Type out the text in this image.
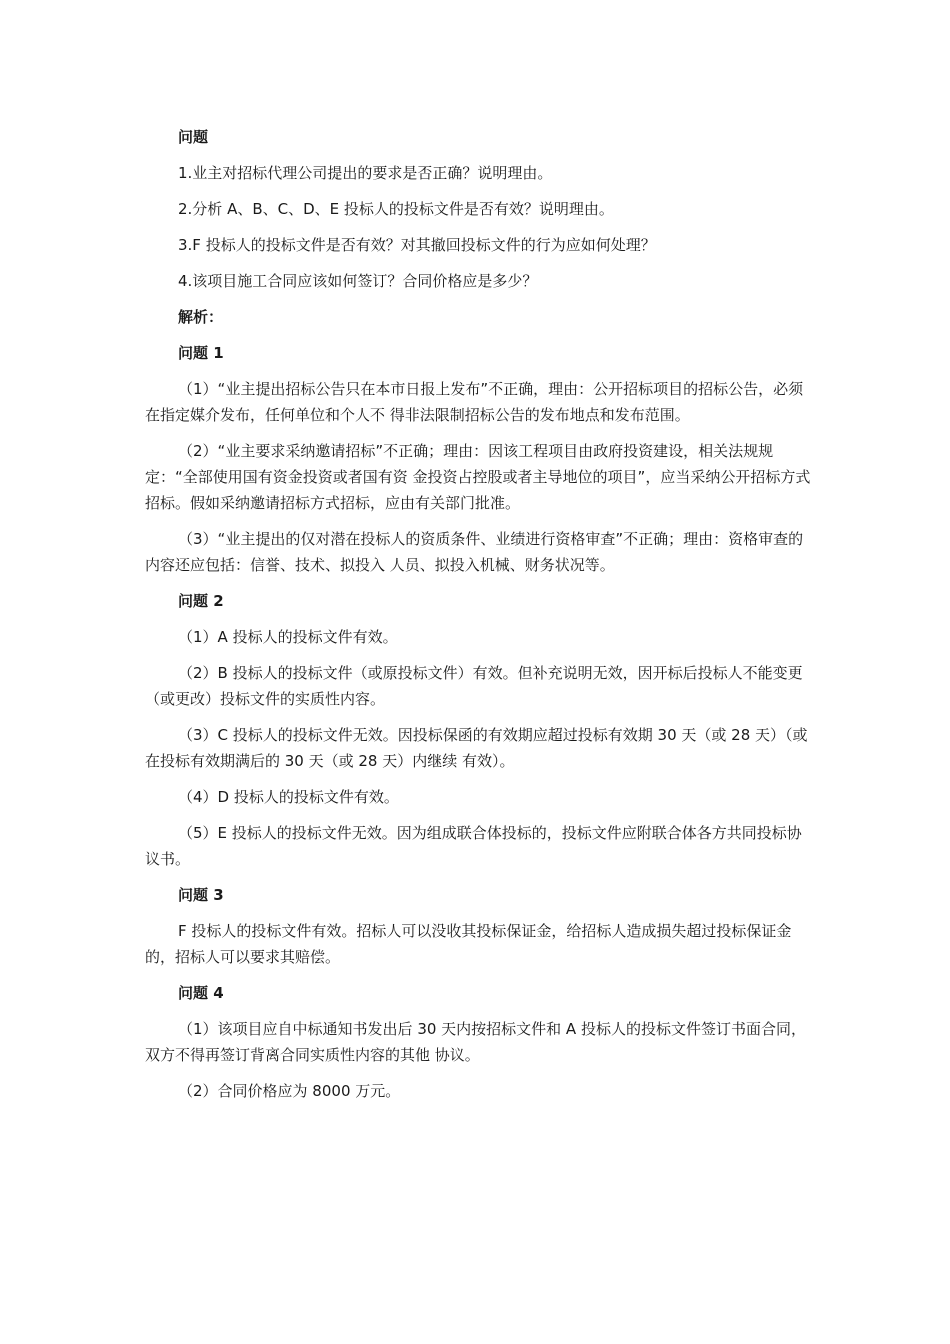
问题

1.业主对招标代理公司提出的要求是否正确？说明理由。

2.分析 A、B、C、D、E 投标人的投标文件是否有效？说明理由。

3.F 投标人的投标文件是否有效？对其撤回投标文件的行为应如何处理？

4.该项目施工合同应该如何签订？合同价格应是多少？

解析：

问题 1

（1）“业主提出招标公告只在本市日报上发布”不正确，理由：公开招标项目的招标公告，必须在指定媒介发布，任何单位和个人不 得非法限制招标公告的发布地点和发布范围。

（2）“业主要求采纳邀请招标”不正确；理由：因该工程项目由政府投资建设，相关法规规定：“全部使用国有资金投资或者国有资 金投资占控股或者主导地位的项目”，应当采纳公开招标方式招标。假如采纳邀请招标方式招标，应由有关部门批准。

（3）“业主提出的仅对潜在投标人的资质条件、业绩进行资格审查”不正确；理由：资格审查的内容还应包括：信誉、技术、拟投入 人员、拟投入机械、财务状况等。

问题 2

（1）A 投标人的投标文件有效。

（2）B 投标人的投标文件（或原投标文件）有效。但补充说明无效，因开标后投标人不能变更（或更改）投标文件的实质性内容。

（3）C 投标人的投标文件无效。因投标保函的有效期应超过投标有效期 30 天（或 28 天）（或在投标有效期满后的 30 天（或 28 天）内继续 有效）。

（4）D 投标人的投标文件有效。

（5）E 投标人的投标文件无效。因为组成联合体投标的，投标文件应附联合体各方共同投标协议书。

问题 3

F 投标人的投标文件有效。招标人可以没收其投标保证金，给招标人造成损失超过投标保证金的，招标人可以要求其赔偿。

问题 4

（1）该项目应自中标通知书发出后 30 天内按招标文件和 A 投标人的投标文件签订书面合同，双方不得再签订背离合同实质性内容的其他 协议。

（2）合同价格应为 8000 万元。
